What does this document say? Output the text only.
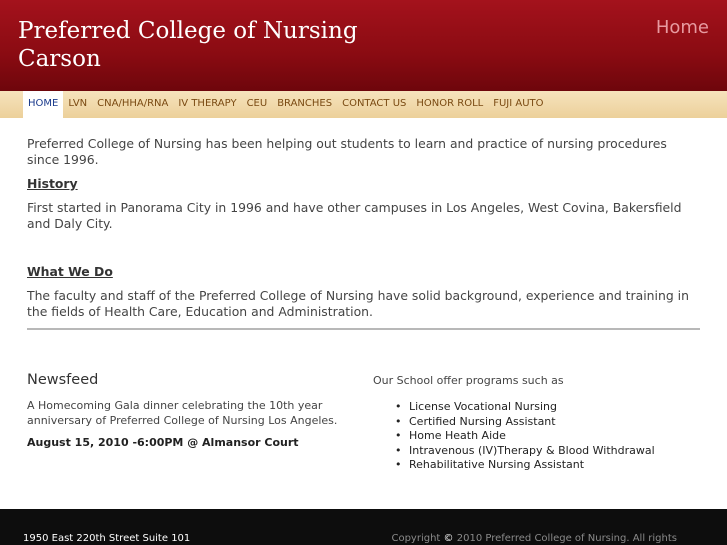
Preferred College of Nursing Carson
Home
HOME	LVN	CNA/HHA/RNA	IV THERAPY	CEU	BRANCHES	CONTACT US	HONOR ROLL	FUJI AUTO

Preferred College of Nursing has been helping out students to learn and practice of nursing procedures since 1996.

History

First started in Panorama City in 1996 and have other campuses in Los Angeles, West Covina, Bakersfield and Daly City.

What We Do

The faculty and staff of the Preferred College of Nursing have solid background, experience and training in the fields of Health Care, Education and Administration.

Newsfeed

A Homecoming Gala dinner celebrating the 10th year anniversary of Preferred College of Nursing Los Angeles.

August 15, 2010 -6:00PM @ Almansor Court

Our School offer programs such as

• License Vocational Nursing
• Certified Nursing Assistant
• Home Heath Aide
• Intravenous (IV)Therapy & Blood Withdrawal
• Rehabilitative Nursing Assistant
1950 East 220th Street Suite 101	Copyright © 2010 Preferred College of Nursing. All rights
